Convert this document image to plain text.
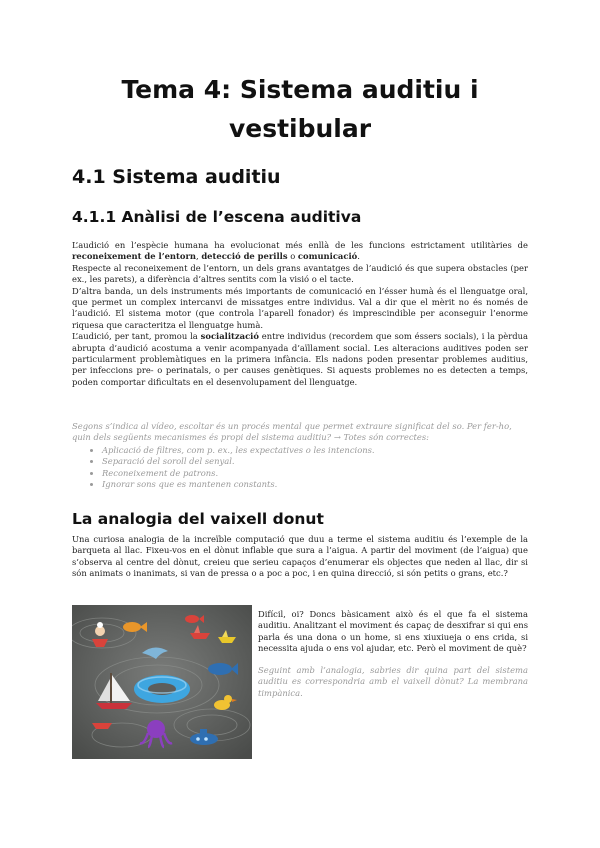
Tema 4: Sistema auditiu i
vestibular
4.1 Sistema auditiu
4.1.1 Anàlisi de l’escena auditiva

L’audició en l’espècie humana ha evolucionat més enllà de les funcions estrictament utilitàries de reconeixement de l’entorn, detecció de perills o comunicació.

Respecte al reconeixement de l’entorn, un dels grans avantatges de l’audició és que supera obstacles (per ex., les parets), a diferència d’altres sentits com la visió o el tacte.

D’altra banda, un dels instruments més importants de comunicació en l’ésser humà és el llenguatge oral, que permet un complex intercanvi de missatges entre individus. Val a dir que el mèrit no és només de l’audició. El sistema motor (que controla l’aparell fonador) és imprescindible per aconseguir l’enorme riquesa que caracteritza el llenguatge humà.

L’audició, per tant, promou la socialització entre individus (recordem que som éssers socials), i la pèrdua abrupta d’audició acostuma a venir acompanyada d’aïllament social. Les alteracions auditives poden ser particularment problemàtiques en la primera infància. Els nadons poden presentar problemes auditius, per infeccions pre- o perinatals, o per causes genètiques. Si aquests problemes no es detecten a temps, poden comportar dificultats en el desenvolupament del llenguatge.

Segons s’indica al vídeo, escoltar és un procés mental que permet extraure significat del so. Per fer-ho, quin dels següents mecanismes és propi del sistema auditiu? → Totes són correctes:
• Aplicació de filtres, com p. ex., les expectatives o les intencions.
• Separació del soroll del senyal.
• Reconeixement de patrons.
• Ignorar sons que es mantenen constants.
La analogia del vaixell donut

Una curiosa analogia de la increïble computació que duu a terme el sistema auditiu és l’exemple de la barqueta al llac. Fixeu-vos en el dònut inflable que sura a l’aigua. A partir del moviment (de l’aigua) que s’observa al centre del dònut, creieu que serieu capaços d’enumerar els objectes que neden al llac, dir si són animats o inanimats, si van de pressa o a poc a poc, i en quina direcció, si són petits o grans, etc.?

Difícil, oi? Doncs bàsicament això és el que fa el sistema auditiu. Analitzant el moviment és capaç de desxifrar si qui ens parla és una dona o un home, si ens xiuxiueja o ens crida, si necessita ajuda o ens vol ajudar, etc. Però el moviment de què?

Seguint amb l’analogia, sabries dir quina part del sistema auditiu es correspondria amb el vaixell dònut? La membrana timpànica.
